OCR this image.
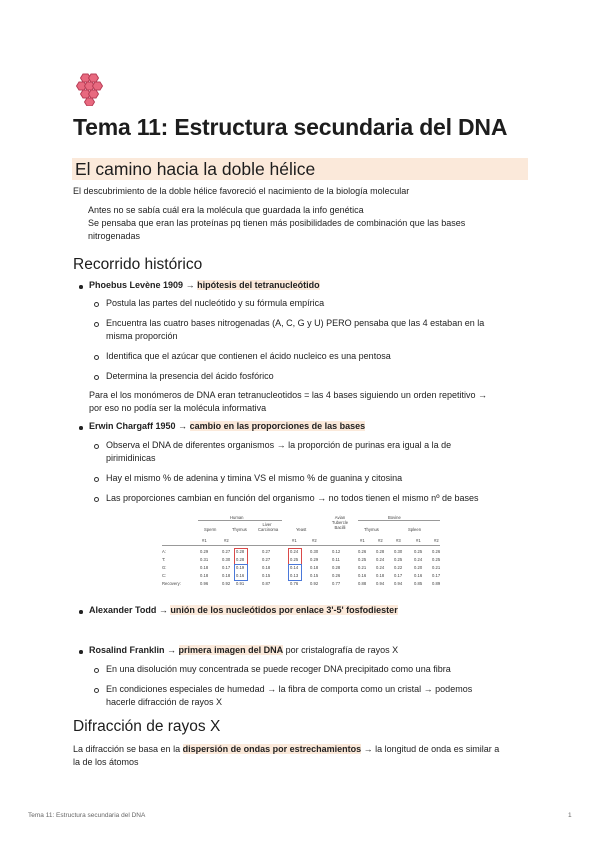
Tema 11: Estructura secundaria del DNA
El camino hacia la doble hélice
El descubrimiento de la doble hélice favoreció el nacimiento de la biología molecular
Antes no se sabía cuál era la molécula que guardada la info genética
Se pensaba que eran las proteínas pq tienen más posibilidades de combinación que las bases
nitrogenadas
Recorrido histórico
Phoebus Levène 1909 → hipótesis del tetranucleótido
Postula las partes del nucleótido y su fórmula empírica
Encuentra las cuatro bases nitrogenadas (A, C, G y U) PERO pensaba que las 4 estaban en la
misma proporción
Identifica que el azúcar que contienen el ácido nucleico es una pentosa
Determina la presencia del ácido fosfórico
Para el los monómeros de DNA eran tetranucleotidos = las 4 bases siguiendo un orden repetitivo →
por eso no podía ser la molécula informativa
Erwin Chargaff 1950 → cambio en las proporciones de las bases
Observa el DNA de diferentes organismos → la proporción de purinas era igual a la de
pirimidinicas
Hay el mismo % de adenina y timina VS el mismo % de guanina y citosina
Las proporciones cambian en función del organismo → no todos tienen el mismo nº de bases
Human	Avian Tubercle Bacilli
Bovine
Sperm	Thymus
Liver Carcinoma	Yeast	Thymus	Spleen
#1	#2	#1	#2	#1	#2	#3	#1	#2
A:	0.29	0.27 0.28	0.27	0.24	0.30	0.12	0.26 0.28 0.30	0.25 0.26
T:	0.31	0.30 0.28	0.27	0.25	0.29	0.11	0.25 0.24 0.25	0.24 0.25
G:	0.18	0.17 0.19	0.18	0.14	0.18	0.28	0.21 0.24 0.22	0.20 0.21
C:	0.18	0.18 0.16	0.15	0.13	0.15	0.26	0.16 0.18 0.17	0.16 0.17
Recovery:	0.96	0.92 0.91	0.87	0.76	0.92	0.77	0.88 0.94 0.94	0.85 0.89
Alexander Todd → unión de los nucleótidos por enlace 3'-5' fosfodiester
Rosalind Franklin → primera imagen del DNA por cristalografía de rayos X
En una disolución muy concentrada se puede recoger DNA precipitado como una fibra
En condiciones especiales de humedad → la fibra de comporta como un cristal → podemos
hacerle difracción de rayos X
Difracción de rayos X
La difracción se basa en la dispersión de ondas por estrechamientos → la longitud de onda es similar a
la de los átomos
Tema 11: Estructura secundaria del DNA	1
